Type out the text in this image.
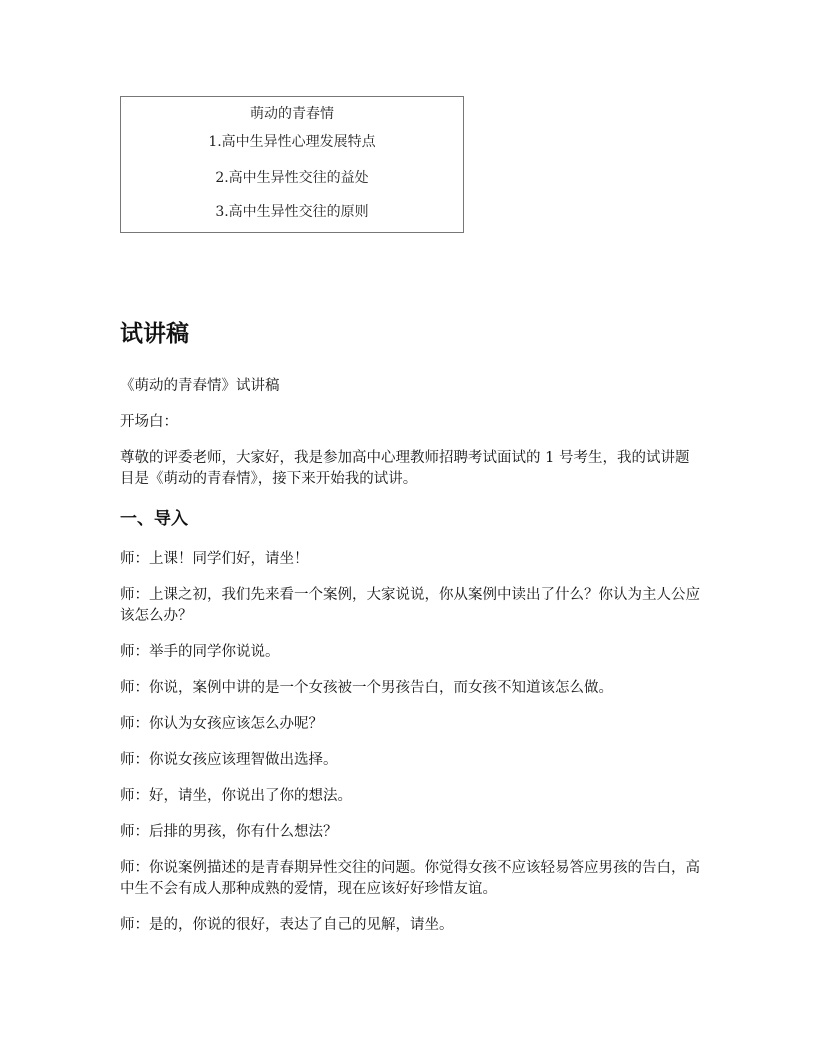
萌动的青春情
1.高中生异性心理发展特点
2.高中生异性交往的益处
3.高中生异性交往的原则
试讲稿

《萌动的青春情》试讲稿

开场白：

尊敬的评委老师，大家好，我是参加高中心理教师招聘考试面试的 1 号考生，我的试讲题目是《萌动的青春情》，接下来开始我的试讲。

一、导入

师：上课！同学们好，请坐！

师：上课之初，我们先来看一个案例，大家说说，你从案例中读出了什么？你认为主人公应该怎么办？

师：举手的同学你说说。

师：你说，案例中讲的是一个女孩被一个男孩告白，而女孩不知道该怎么做。

师：你认为女孩应该怎么办呢？

师：你说女孩应该理智做出选择。

师：好，请坐，你说出了你的想法。

师：后排的男孩，你有什么想法？

师：你说案例描述的是青春期异性交往的问题。你觉得女孩不应该轻易答应男孩的告白，高中生不会有成人那种成熟的爱情，现在应该好好珍惜友谊。

师：是的，你说的很好，表达了自己的见解，请坐。
